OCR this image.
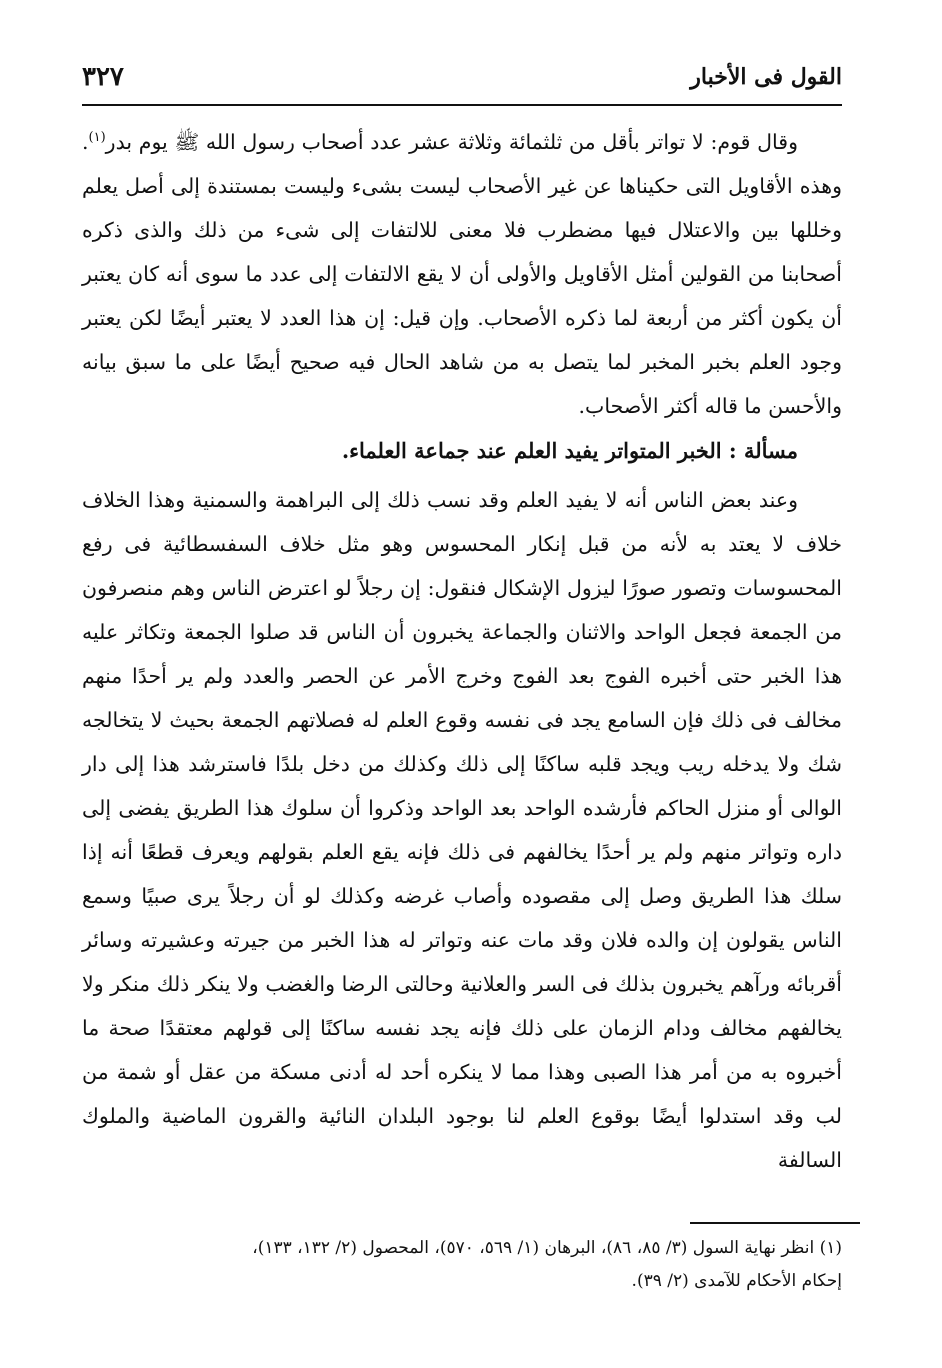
القول فى الأخبار
٣٢٧

وقال قوم: لا تواتر بأقل من ثلثمائة وثلاثة عشر عدد أصحاب رسول الله ﷺ يوم بدر$^{(١)}$. وهذه الأقاويل التى حكيناها عن غير الأصحاب ليست بشىء وليست بمستندة إلى أصل يعلم وخللها بين والاعتلال فيها مضطرب فلا معنى للالتفات إلى شىء من ذلك والذى ذكره أصحابنا من القولين أمثل الأقاويل والأولى أن لا يقع الالتفات إلى عدد ما سوى أنه كان يعتبر أن يكون أكثر من أربعة لما ذكره الأصحاب. وإن قيل: إن هذا العدد لا يعتبر أيضًا لكن يعتبر وجود العلم بخبر المخبر لما يتصل به من شاهد الحال فيه صحيح أيضًا على ما سبق بيانه والأحسن ما قاله أكثر الأصحاب.

مسألة : الخبر المتواتر يفيد العلم عند جماعة العلماء.

وعند بعض الناس أنه لا يفيد العلم وقد نسب ذلك إلى البراهمة والسمنية وهذا الخلاف خلاف لا يعتد به لأنه من قبل إنكار المحسوس وهو مثل خلاف السفسطائية فى رفع المحسوسات وتصور صورًا ليزول الإشكال فنقول: إن رجلاً لو اعترض الناس وهم منصرفون من الجمعة فجعل الواحد والاثنان والجماعة يخبرون أن الناس قد صلوا الجمعة وتكاثر عليه هذا الخبر حتى أخبره الفوج بعد الفوج وخرج الأمر عن الحصر والعدد ولم ير أحدًا منهم مخالف فى ذلك فإن السامع يجد فى نفسه وقوع العلم له فصلاتهم الجمعة بحيث لا يتخالجه شك ولا يدخله ريب ويجد قلبه ساكنًا إلى ذلك وكذلك من دخل بلدًا فاسترشد هذا إلى دار الوالى أو منزل الحاكم فأرشده الواحد بعد الواحد وذكروا أن سلوك هذا الطريق يفضى إلى داره وتواتر منهم ولم ير أحدًا يخالفهم فى ذلك فإنه يقع العلم بقولهم ويعرف قطعًا أنه إذا سلك هذا الطريق وصل إلى مقصوده وأصاب غرضه وكذلك لو أن رجلاً يرى صبيًا وسمع الناس يقولون إن والده فلان وقد مات عنه وتواتر له هذا الخبر من جيرته وعشيرته وسائر أقربائه ورآهم يخبرون بذلك فى السر والعلانية وحالتى الرضا والغضب ولا ينكر ذلك منكر ولا يخالفهم مخالف ودام الزمان على ذلك فإنه يجد نفسه ساكنًا إلى قولهم معتقدًا صحة ما أخبروه به من أمر هذا الصبى وهذا مما لا ينكره أحد له أدنى مسكة من عقل أو شمة من لب وقد استدلوا أيضًا بوقوع العلم لنا بوجود البلدان النائية والقرون الماضية والملوك السالفة

(١) انظر نهاية السول (٣/ ٨٥، ٨٦)، البرهان (١/ ٥٦٩، ٥٧٠)، المحصول (٢/ ١٣٢، ١٣٣)،

إحكام الأحكام للآمدى (٢/ ٣٩).
